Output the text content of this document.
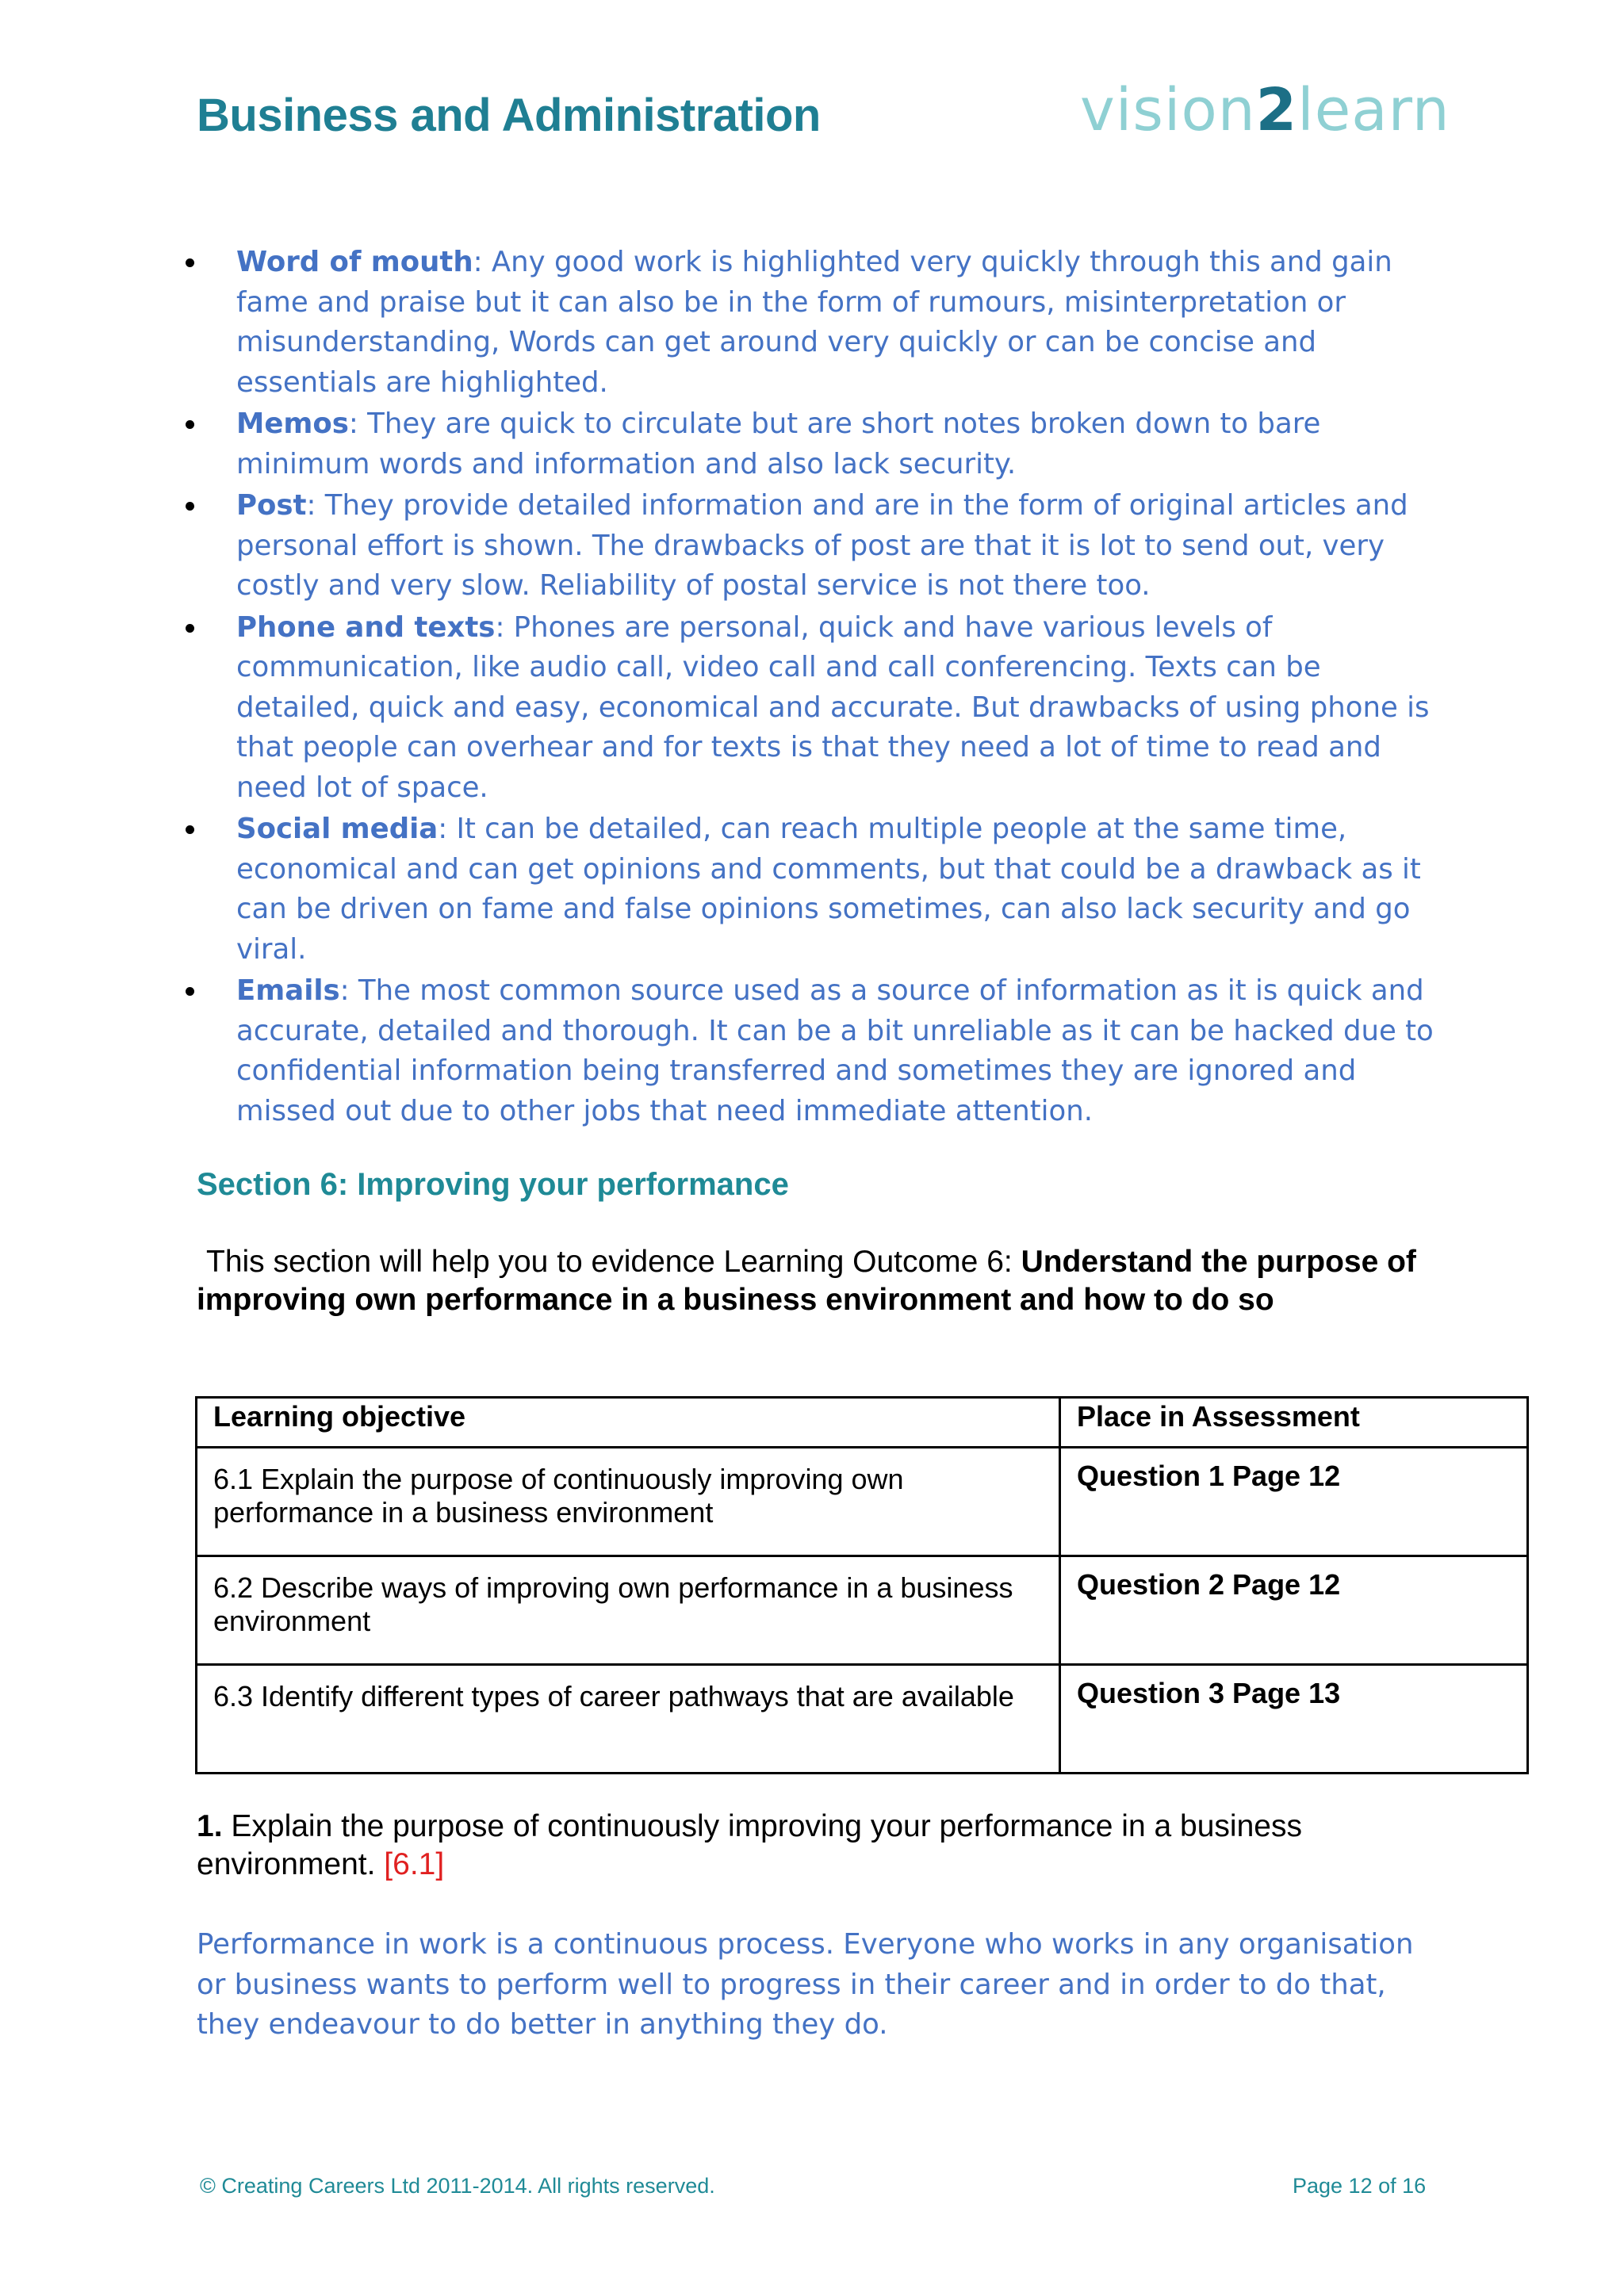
Business and Administration	vision2learn
Word of mouth: Any good work is highlighted very quickly through this and gain fame and praise but it can also be in the form of rumours, misinterpretation or misunderstanding, Words can get around very quickly or can be concise and essentials are highlighted.
Memos: They are quick to circulate but are short notes broken down to bare minimum words and information and also lack security.
Post: They provide detailed information and are in the form of original articles and personal effort is shown. The drawbacks of post are that it is lot to send out, very costly and very slow. Reliability of postal service is not there too.
Phone and texts: Phones are personal, quick and have various levels of communication, like audio call, video call and call conferencing. Texts can be detailed, quick and easy, economical and accurate. But drawbacks of using phone is that people can overhear and for texts is that they need a lot of time to read and need lot of space.
Social media: It can be detailed, can reach multiple people at the same time, economical and can get opinions and comments, but that could be a drawback as it can be driven on fame and false opinions sometimes, can also lack security and go viral.
Emails: The most common source used as a source of information as it is quick and accurate, detailed and thorough. It can be a bit unreliable as it can be hacked due to confidential information being transferred and sometimes they are ignored and missed out due to other jobs that need immediate attention.
Section 6: Improving your performance
This section will help you to evidence Learning Outcome 6: Understand the purpose of improving own performance in a business environment and how to do so
Learning objective	Place in Assessment
6.1 Explain the purpose of continuously improving own performance in a business environment	Question 1 Page 12
6.2 Describe ways of improving own performance in a business environment	Question 2 Page 12
6.3 Identify different types of career pathways that are available	Question 3 Page 13
1. Explain the purpose of continuously improving your performance in a business environment. [6.1]
Performance in work is a continuous process. Everyone who works in any organisation or business wants to perform well to progress in their career and in order to do that, they endeavour to do better in anything they do.
© Creating Careers Ltd 2011-2014. All rights reserved.	Page 12 of 16
